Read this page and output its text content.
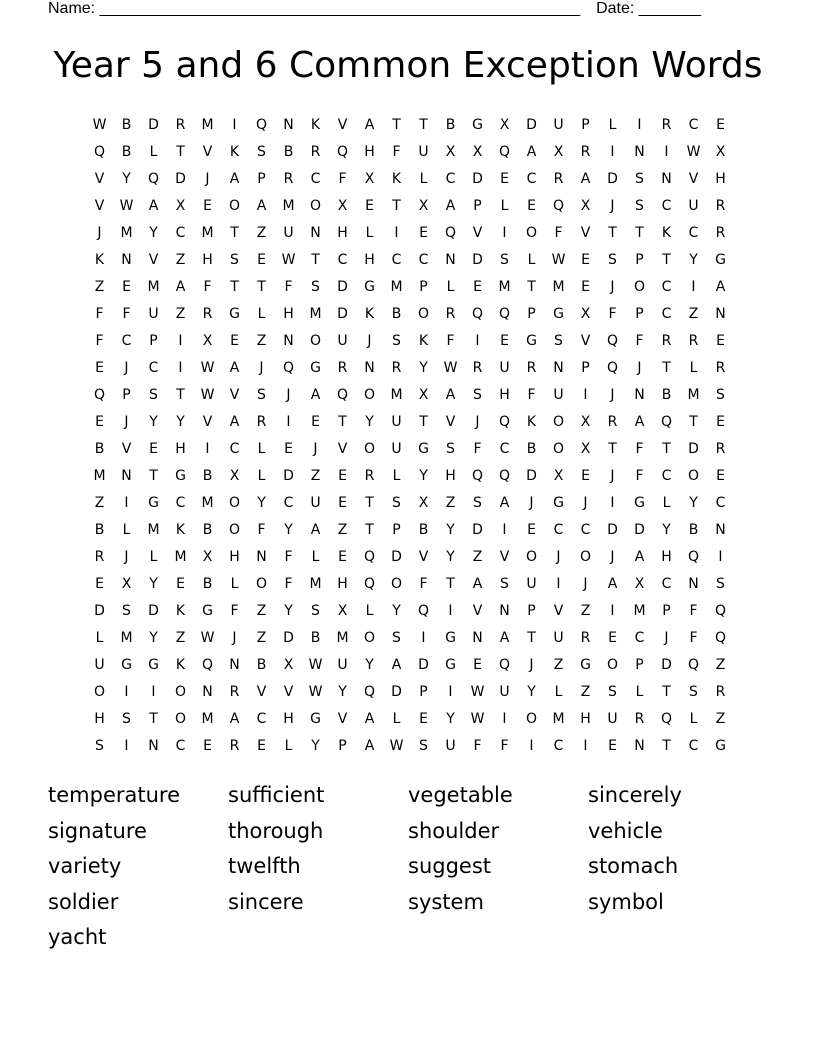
Name: ______________________________________________________ Date: _______
Year 5 and 6 Common Exception Words
W	B	D	R	M	I	Q	N	K	V	A	T	T	B	G	X	D	U	P	L	I	R	C	E
Q	B	L	T	V	K	S	B	R	Q	H	F	U	X	X	Q	A	X	R	I	N	I	W	X
V	Y	Q	D	J	A	P	R	C	F	X	K	L	C	D	E	C	R	A	D	S	N	V	H
V	W	A	X	E	O	A	M	O	X	E	T	X	A	P	L	E	Q	X	J	S	C	U	R
J	M	Y	C	M	T	Z	U	N	H	L	I	E	Q	V	I	O	F	V	T	T	K	C	R
K	N	V	Z	H	S	E	W	T	C	H	C	C	N	D	S	L	W	E	S	P	T	Y	G
Z	E	M	A	F	T	T	F	S	D	G	M	P	L	E	M	T	M	E	J	O	C	I	A
F	F	U	Z	R	G	L	H	M	D	K	B	O	R	Q	Q	P	G	X	F	P	C	Z	N
F	C	P	I	X	E	Z	N	O	U	J	S	K	F	I	E	G	S	V	Q	F	R	R	E
E	J	C	I	W	A	J	Q	G	R	N	R	Y	W	R	U	R	N	P	Q	J	T	L	R
Q	P	S	T	W	V	S	J	A	Q	O	M	X	A	S	H	F	U	I	J	N	B	M	S
E	J	Y	Y	V	A	R	I	E	T	Y	U	T	V	J	Q	K	O	X	R	A	Q	T	E
B	V	E	H	I	C	L	E	J	V	O	U	G	S	F	C	B	O	X	T	F	T	D	R
M	N	T	G	B	X	L	D	Z	E	R	L	Y	H	Q	Q	D	X	E	J	F	C	O	E
Z	I	G	C	M	O	Y	C	U	E	T	S	X	Z	S	A	J	G	J	I	G	L	Y	C
B	L	M	K	B	O	F	Y	A	Z	T	P	B	Y	D	I	E	C	C	D	D	Y	B	N
R	J	L	M	X	H	N	F	L	E	Q	D	V	Y	Z	V	O	J	O	J	A	H	Q	I
E	X	Y	E	B	L	O	F	M	H	Q	O	F	T	A	S	U	I	J	A	X	C	N	S
D	S	D	K	G	F	Z	Y	S	X	L	Y	Q	I	V	N	P	V	Z	I	M	P	F	Q
L	M	Y	Z	W	J	Z	D	B	M	O	S	I	G	N	A	T	U	R	E	C	J	F	Q
U	G	G	K	Q	N	B	X	W	U	Y	A	D	G	E	Q	J	Z	G	O	P	D	Q	Z
O	I	I	O	N	R	V	V	W	Y	Q	D	P	I	W	U	Y	L	Z	S	L	T	S	R
H	S	T	O	M	A	C	H	G	V	A	L	E	Y	W	I	O	M	H	U	R	Q	L	Z
S	I	N	C	E	R	E	L	Y	P	A	W	S	U	F	F	I	C	I	E	N	T	C	G
temperature	sufficient	vegetable	sincerely
signature	thorough	shoulder	vehicle
variety	twelfth	suggest	stomach
soldier	sincere	system	symbol
yacht
